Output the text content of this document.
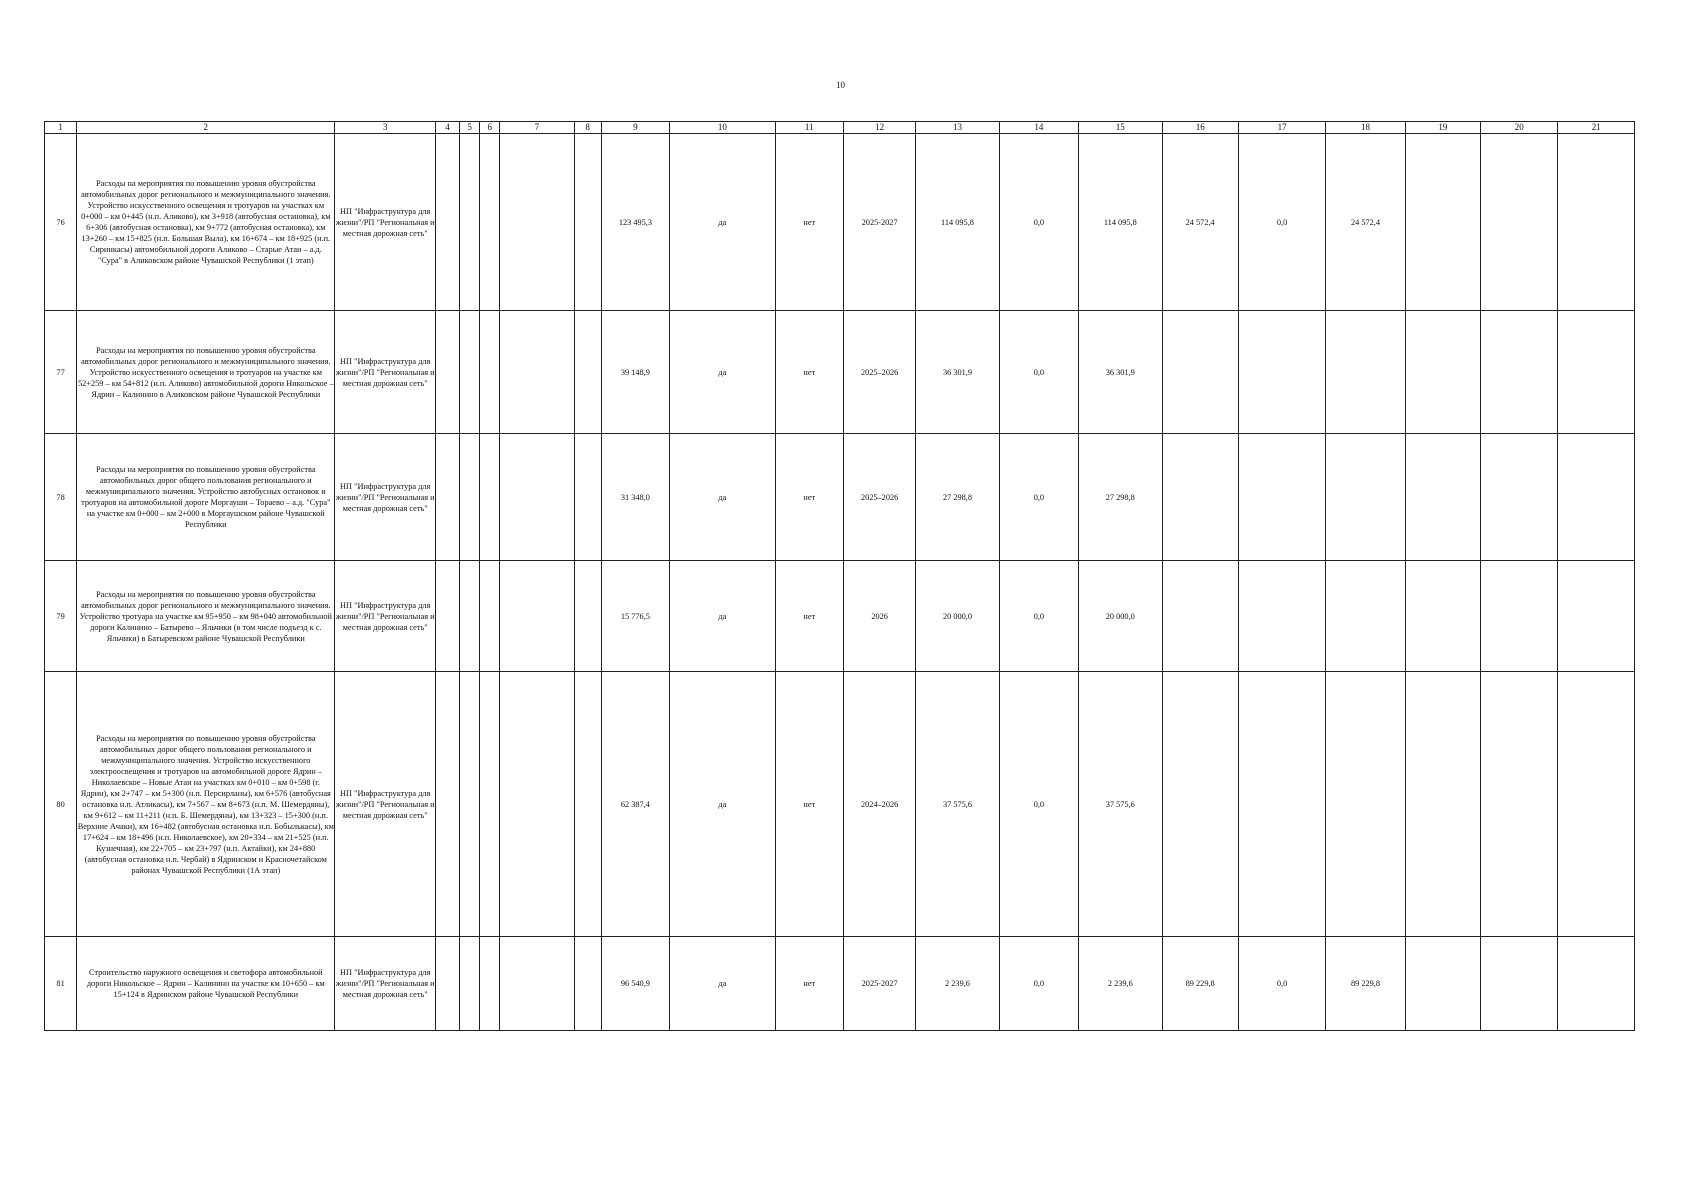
10
1	2	3	4	5	6	7	8	9	10	11	12	13	14	15	16	17	18	19	20	21
76	Расходы на мероприятия по повышению уровня обустройства автомобильных дорог регионального и межмуниципального значения. Устройство искусственного освещения и тротуаров на участках км 0+000 – км 0+445 (н.п. Аликово), км 3+918 (автобусная остановка), км 6+306 (автобусная остановка), км 9+772 (автобусная остановка), км 13+260 – км 15+825 (н.п. Большая Выла), км 16+674 – км 18+925 (н.п. Сиринкасы) автомобильной дороги Аликово – Старые Атаи – а.д. "Сура" в Аликовском районе Чувашской Республики (1 этап)	НП "Инфраструктура для жизни"/РП "Региональная и местная дорожная сеть"						123 495,3	да	нет	2025-2027	114 095,8	0,0	114 095,8	24 572,4	0,0	24 572,4			
77	Расходы на мероприятия по повышению уровня обустройства автомобильных дорог регионального и межмуниципального значения. Устройство искусственного освещения и тротуаров на участке км 52+259 – км 54+812 (н.п. Аликово) автомобильной дороги Никольское – Ядрин – Калинино в Аликовском районе Чувашской Республики	НП "Инфраструктура для жизни"/РП "Региональная и местная дорожная сеть"						39 148,9	да	нет	2025–2026	36 301,9	0,0	36 301,9						
78	Расходы на мероприятия по повышению уровня обустройства автомобильных дорог общего пользования регионального и межмуниципального значения. Устройство автобусных остановок и тротуаров на автомобильной дороге Моргауши – Тораево – а.д. "Сура" на участке км 0+000 – км 2+000 в Моргаушском районе Чувашской Республики	НП "Инфраструктура для жизни"/РП "Региональная и местная дорожная сеть"						31 348,0	да	нет	2025–2026	27 298,8	0,0	27 298,8						
79	Расходы на мероприятия по повышению уровня обустройства автомобильных дорог регионального и межмуниципального значения. Устройство тротуара на участке км 95+950 – км 98+040 автомобильной дороги Калинино – Батырево – Яльчики (в том числе подъезд к с. Яльчики) в Батыревском районе Чувашской Республики	НП "Инфраструктура для жизни"/РП "Региональная и местная дорожная сеть"						15 776,5	да	нет	2026	20 000,0	0,0	20 000,0						
80	Расходы на мероприятия по повышению уровня обустройства автомобильных дорог общего пользования регионального и межмуниципального значения. Устройство искусственного электроосвещения и тротуаров на автомобильной дороге Ядрин – Николаевское – Новые Атаи на участках км 0+010 – км 0+598 (г. Ядрин), км 2+747 – км 5+300 (н.п. Персирланы), км 6+576 (автобусная остановка н.п. Атликасы), км 7+567 – км 8+673 (н.п. М. Шемердяны), км 9+612 – км 11+211 (н.п. Б. Шемердяны), км 13+323 – 15+300 (н.п. Верхние Ачаки), км 16+482 (автобусная остановка н.п. Бобылькасы), км 17+624 – км 18+496 (н.п. Николаевское), км 20+334 – км 21+525 (н.п. Кузнечная), км 22+705 – км 23+797 (н.п. Актайки), км 24+880 (автобусная остановка н.п. Чербай) в Ядринском и Красночетайском районах Чувашской Республики (1А этап)	НП "Инфраструктура для жизни"/РП "Региональная и местная дорожная сеть"						62 387,4	да	нет	2024–2026	37 575,6	0,0	37 575,6						
81	Строительство наружного освещения и светофора автомобильной дороги Никольское – Ядрин – Калинино на участке км 10+650 – км 15+124 в Ядринском районе Чувашской Республики	НП "Инфраструктура для жизни"/РП "Региональная и местная дорожная сеть"						96 540,9	да	нет	2025-2027	2 239,6	0,0	2 239,6	89 229,8	0,0	89 229,8			
